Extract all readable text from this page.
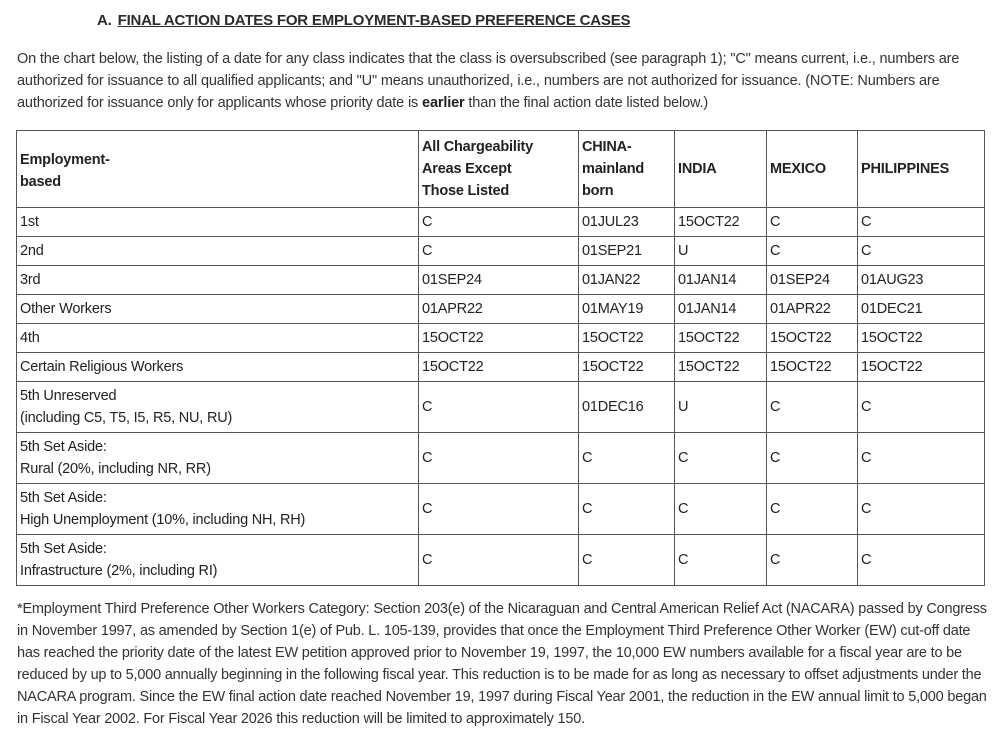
A. FINAL ACTION DATES FOR EMPLOYMENT-BASED PREFERENCE CASES
On the chart below, the listing of a date for any class indicates that the class is oversubscribed (see paragraph 1); "C" means current, i.e., numbers are authorized for issuance to all qualified applicants; and "U" means unauthorized, i.e., numbers are not authorized for issuance. (NOTE: Numbers are authorized for issuance only for applicants whose priority date is earlier than the final action date listed below.)
Employment-
based	All Chargeability
Areas Except
Those Listed	CHINA-
mainland
born	INDIA	MEXICO	PHILIPPINES
1st	C	01JUL23	15OCT22	C	C
2nd	C	01SEP21	U	C	C
3rd	01SEP24	01JAN22	01JAN14	01SEP24	01AUG23
Other Workers	01APR22	01MAY19	01JAN14	01APR22	01DEC21
4th	15OCT22	15OCT22	15OCT22	15OCT22	15OCT22
Certain Religious Workers	15OCT22	15OCT22	15OCT22	15OCT22	15OCT22
5th Unreserved
(including C5, T5, I5, R5, NU, RU)	C	01DEC16	U	C	C
5th Set Aside:
Rural (20%, including NR, RR)	C	C	C	C	C
5th Set Aside:
High Unemployment (10%, including NH, RH)	C	C	C	C	C
5th Set Aside:
Infrastructure (2%, including RI)	C	C	C	C	C
*Employment Third Preference Other Workers Category: Section 203(e) of the Nicaraguan and Central American Relief Act (NACARA) passed by Congress in November 1997, as amended by Section 1(e) of Pub. L. 105-139, provides that once the Employment Third Preference Other Worker (EW) cut-off date has reached the priority date of the latest EW petition approved prior to November 19, 1997, the 10,000 EW numbers available for a fiscal year are to be reduced by up to 5,000 annually beginning in the following fiscal year. This reduction is to be made for as long as necessary to offset adjustments under the NACARA program. Since the EW final action date reached November 19, 1997 during Fiscal Year 2001, the reduction in the EW annual limit to 5,000 began in Fiscal Year 2002. For Fiscal Year 2026 this reduction will be limited to approximately 150.
